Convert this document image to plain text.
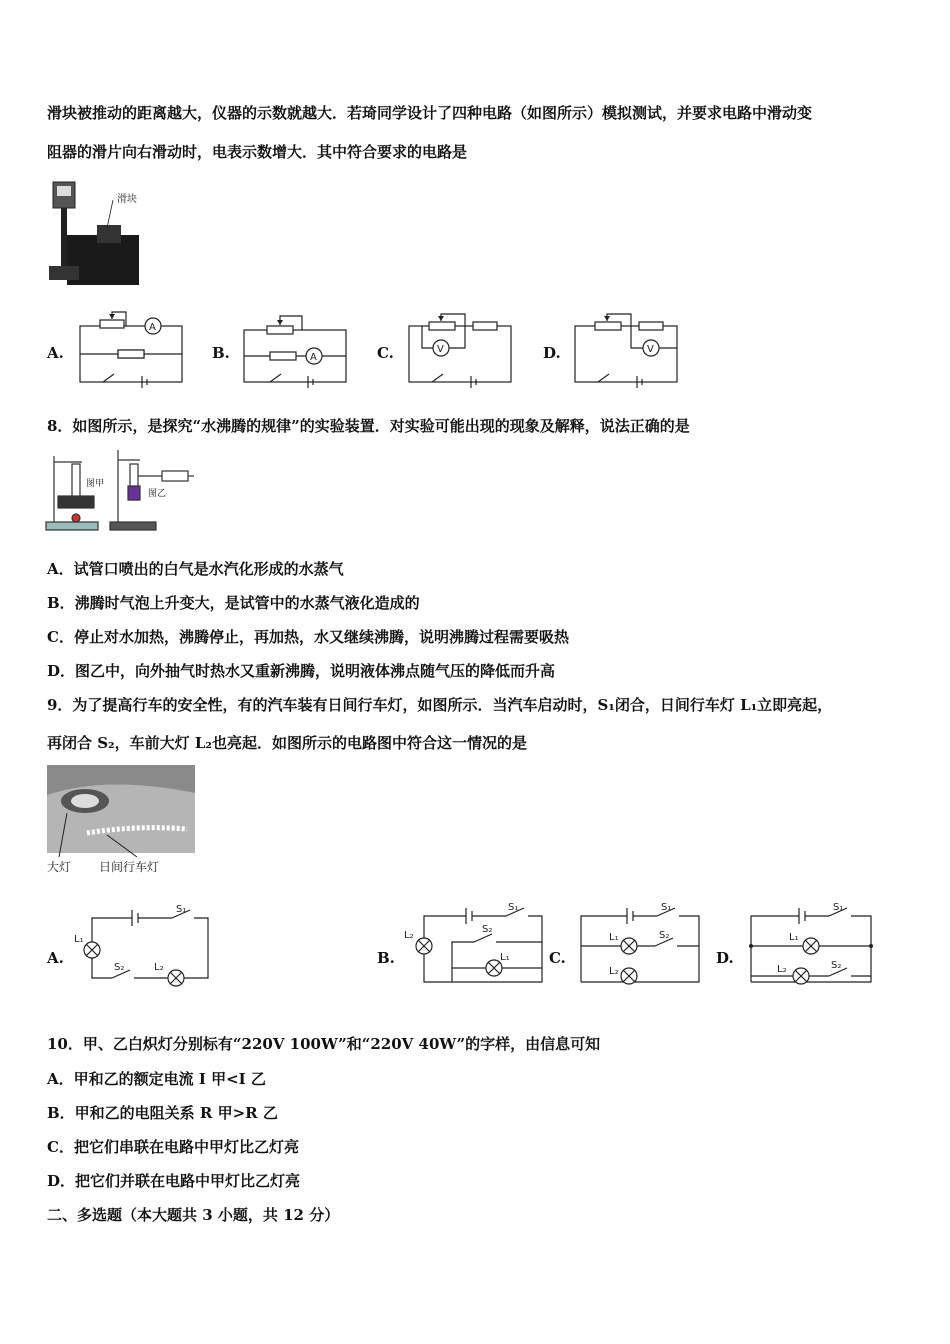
滑块被推动的距离越大，仪器的示数就越大．若琦同学设计了四种电路（如图所示）模拟测试，并要求电路中滑动变
阻器的滑片向右滑动时，电表示数增大．其中符合要求的电路是
滑块
A.
A
B.	A	C.	V	D.	V
8．如图所示，是探究“水沸腾的规律”的实验装置．对实验可能出现的现象及解释，说法正确的是
图甲
图乙
A．试管口喷出的白气是水汽化形成的水蒸气
B．沸腾时气泡上升变大，是试管中的水蒸气液化造成的
C．停止对水加热，沸腾停止，再加热，水又继续沸腾，说明沸腾过程需要吸热
D．图乙中，向外抽气时热水又重新沸腾，说明液体沸点随气压的降低而升高
9．为了提高行车的安全性，有的汽车装有日间行车灯，如图所示．当汽车启动时，S₁闭合，日间行车灯 L₁立即亮起，
再闭合 S₂，车前大灯 L₂也亮起．如图所示的电路图中符合这一情况的是
大灯 日间行车灯
A.
S₁
L₁
S₂	L₂
B.
S₁
L₂
S₂
L₁	C.
S₁
L₁	S₂
L₂
D.
S₁
L₁
L₂	S₂
10．甲、乙白炽灯分别标有“220V 100W”和“220V 40W”的字样，由信息可知
A．甲和乙的额定电流 I 甲<I 乙
B．甲和乙的电阻关系 R 甲>R 乙
C．把它们串联在电路中甲灯比乙灯亮
D．把它们并联在电路中甲灯比乙灯亮
二、多选题（本大题共 3 小题，共 12 分）
